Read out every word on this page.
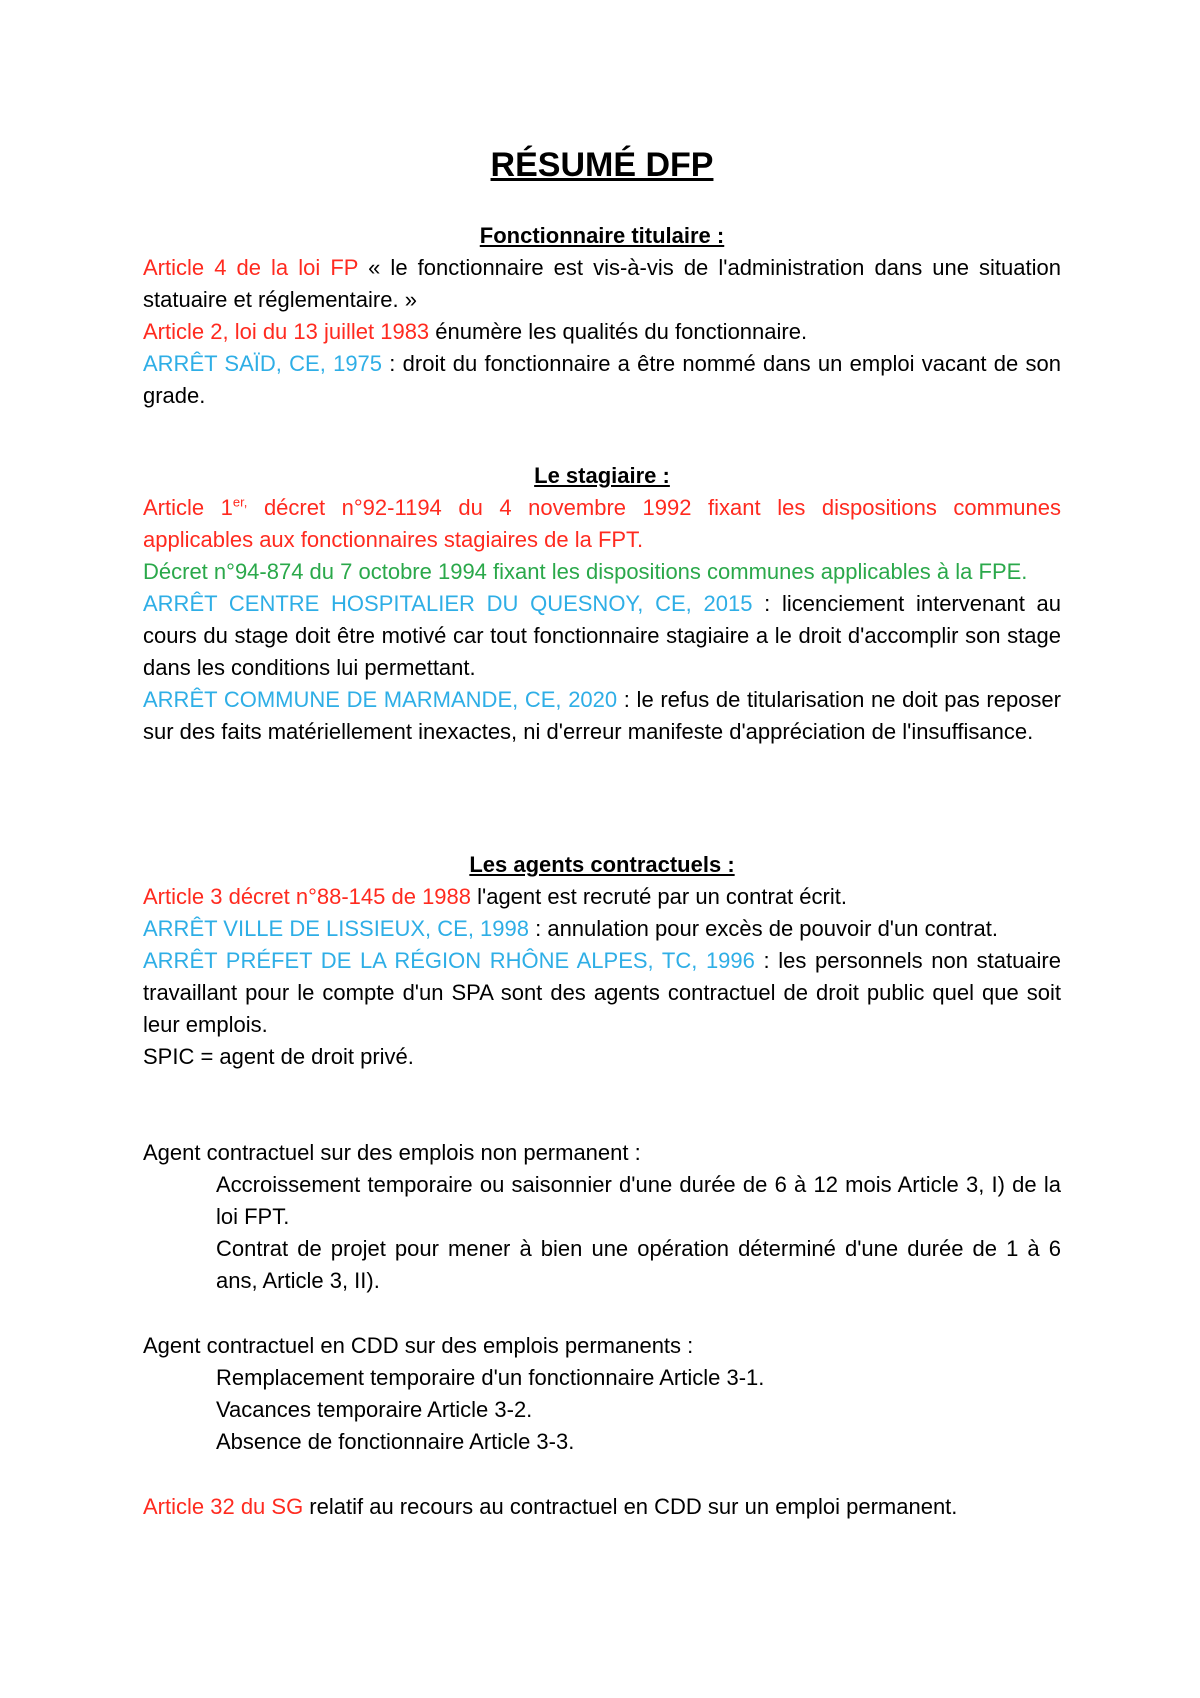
RÉSUMÉ DFP
Fonctionnaire titulaire :

Article 4 de la loi FP « le fonctionnaire est vis-à-vis de l'administration dans une situation statuaire et réglementaire. »

Article 2, loi du 13 juillet 1983 énumère les qualités du fonctionnaire.

ARRÊT SAÏD, CE, 1975 : droit du fonctionnaire a être nommé dans un emploi vacant de son grade.

Le stagiaire :

Article $1^{er,}$ décret n°92-1194 du 4 novembre 1992 fixant les dispositions communes applicables aux fonctionnaires stagiaires de la FPT.

Décret n°94-874 du 7 octobre 1994 fixant les dispositions communes applicables à la FPE.

ARRÊT CENTRE HOSPITALIER DU QUESNOY, CE, 2015 : licenciement intervenant au cours du stage doit être motivé car tout fonctionnaire stagiaire a le droit d'accomplir son stage dans les conditions lui permettant.

ARRÊT COMMUNE DE MARMANDE, CE, 2020 : le refus de titularisation ne doit pas reposer sur des faits matériellement inexactes, ni d'erreur manifeste d'appréciation de l'insuffisance.

Les agents contractuels :

Article 3 décret n°88-145 de 1988 l'agent est recruté par un contrat écrit.

ARRÊT VILLE DE LISSIEUX, CE, 1998 : annulation pour excès de pouvoir d'un contrat.

ARRÊT PRÉFET DE LA RÉGION RHÔNE ALPES, TC, 1996 : les personnels non statuaire travaillant pour le compte d'un SPA sont des agents contractuel de droit public quel que soit leur emplois.

SPIC = agent de droit privé.

Agent contractuel sur des emplois non permanent :

Accroissement temporaire ou saisonnier d'une durée de 6 à 12 mois Article 3, I) de la loi FPT.

Contrat de projet pour mener à bien une opération déterminé d'une durée de 1 à 6 ans, Article 3, II).

Agent contractuel en CDD sur des emplois permanents :

Remplacement temporaire d'un fonctionnaire Article 3-1.

Vacances temporaire Article 3-2.

Absence de fonctionnaire Article 3-3.

Article 32 du SG relatif au recours au contractuel en CDD sur un emploi permanent.
